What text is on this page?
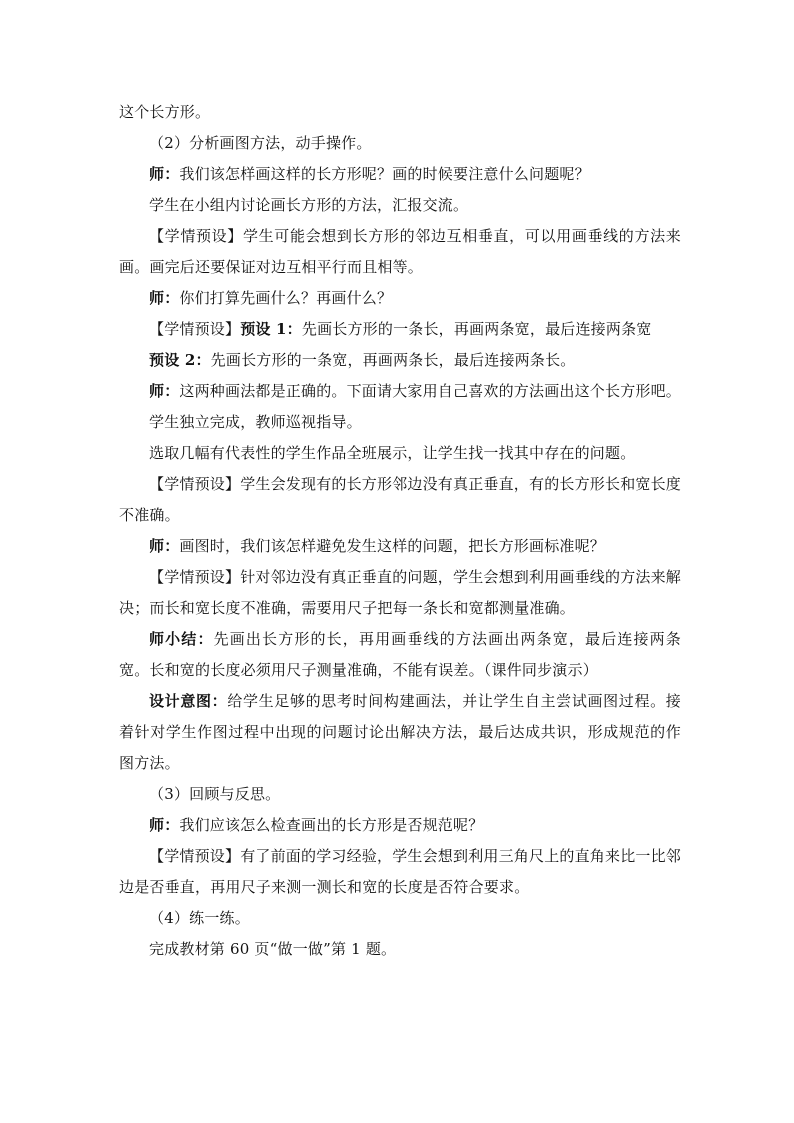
这个长方形。

（2）分析画图方法，动手操作。

师：我们该怎样画这样的长方形呢？画的时候要注意什么问题呢？

学生在小组内讨论画长方形的方法，汇报交流。

【学情预设】学生可能会想到长方形的邻边互相垂直，可以用画垂线的方法来画。画完后还要保证对边互相平行而且相等。

师：你们打算先画什么？再画什么？

【学情预设】预设 1：先画长方形的一条长，再画两条宽，最后连接两条宽

预设 2：先画长方形的一条宽，再画两条长，最后连接两条长。

师：这两种画法都是正确的。下面请大家用自己喜欢的方法画出这个长方形吧。

学生独立完成，教师巡视指导。

选取几幅有代表性的学生作品全班展示，让学生找一找其中存在的问题。

【学情预设】学生会发现有的长方形邻边没有真正垂直，有的长方形长和宽长度不准确。

师：画图时，我们该怎样避免发生这样的问题，把长方形画标准呢？

【学情预设】针对邻边没有真正垂直的问题，学生会想到利用画垂线的方法来解决；而长和宽长度不准确，需要用尺子把每一条长和宽都测量准确。

师小结：先画出长方形的长，再用画垂线的方法画出两条宽，最后连接两条宽。长和宽的长度必须用尺子测量准确，不能有误差。（课件同步演示）

设计意图：给学生足够的思考时间构建画法，并让学生自主尝试画图过程。接着针对学生作图过程中出现的问题讨论出解决方法，最后达成共识，形成规范的作图方法。

（3）回顾与反思。

师：我们应该怎么检查画出的长方形是否规范呢？

【学情预设】有了前面的学习经验，学生会想到利用三角尺上的直角来比一比邻边是否垂直，再用尺子来测一测长和宽的长度是否符合要求。

（4）练一练。

完成教材第 60 页“做一做”第 1 题。
